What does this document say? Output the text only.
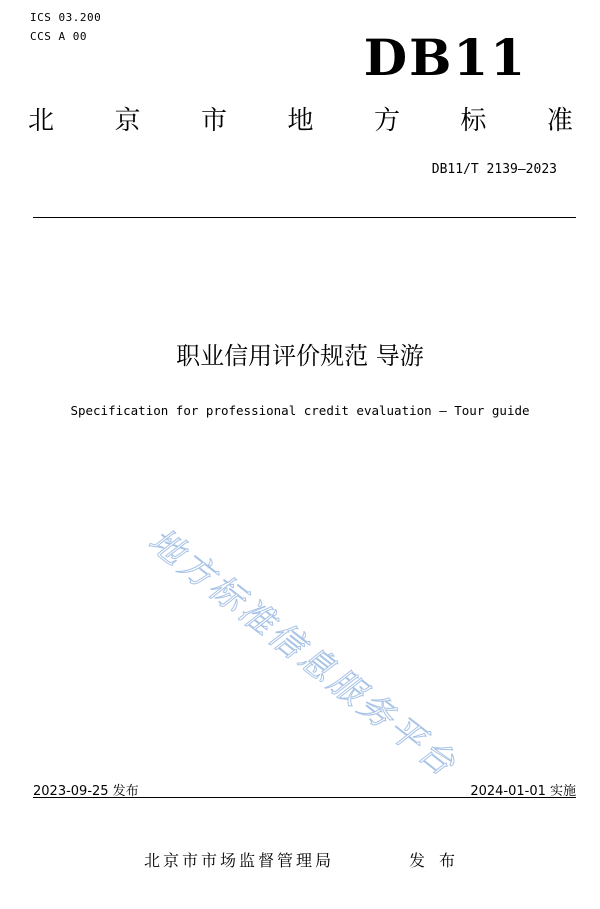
ICS 03.200
CCS A 00	DB11
北 京 市 地 方 标 准
DB11/T 2139—2023
职业信用评价规范 导游
Specification for professional credit evaluation — Tour guide
地方标准信息服务平台
2023-09-25 发布	2024-01-01 实施
北京市市场监督管理局	发布
